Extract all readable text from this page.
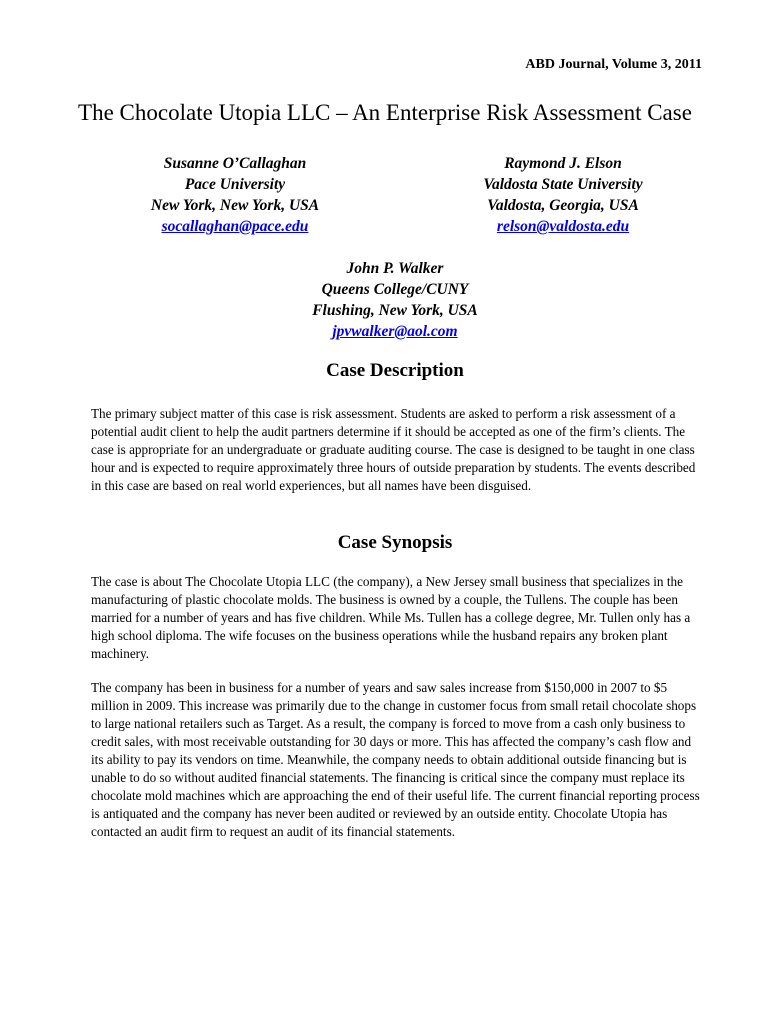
ABD Journal, Volume 3, 2011
The Chocolate Utopia LLC – An Enterprise Risk Assessment Case
Susanne O’Callaghan
Pace University
New York, New York, USA
socallaghan@pace.edu
Raymond J. Elson
Valdosta State University
Valdosta, Georgia, USA
relson@valdosta.edu
John P. Walker
Queens College/CUNY
Flushing, New York, USA
jpvwalker@aol.com
Case Description

The primary subject matter of this case is risk assessment. Students are asked to perform a risk assessment of a potential audit client to help the audit partners determine if it should be accepted as one of the firm’s clients. The case is appropriate for an undergraduate or graduate auditing course. The case is designed to be taught in one class hour and is expected to require approximately three hours of outside preparation by students. The events described in this case are based on real world experiences, but all names have been disguised.

Case Synopsis

The case is about The Chocolate Utopia LLC (the company), a New Jersey small business that specializes in the manufacturing of plastic chocolate molds. The business is owned by a couple, the Tullens. The couple has been married for a number of years and has five children. While Ms. Tullen has a college degree, Mr. Tullen only has a high school diploma. The wife focuses on the business operations while the husband repairs any broken plant machinery.

The company has been in business for a number of years and saw sales increase from $150,000 in 2007 to $5 million in 2009. This increase was primarily due to the change in customer focus from small retail chocolate shops to large national retailers such as Target. As a result, the company is forced to move from a cash only business to credit sales, with most receivable outstanding for 30 days or more. This has affected the company’s cash flow and its ability to pay its vendors on time. Meanwhile, the company needs to obtain additional outside financing but is unable to do so without audited financial statements. The financing is critical since the company must replace its chocolate mold machines which are approaching the end of their useful life. The current financial reporting process is antiquated and the company has never been audited or reviewed by an outside entity. Chocolate Utopia has contacted an audit firm to request an audit of its financial statements.
